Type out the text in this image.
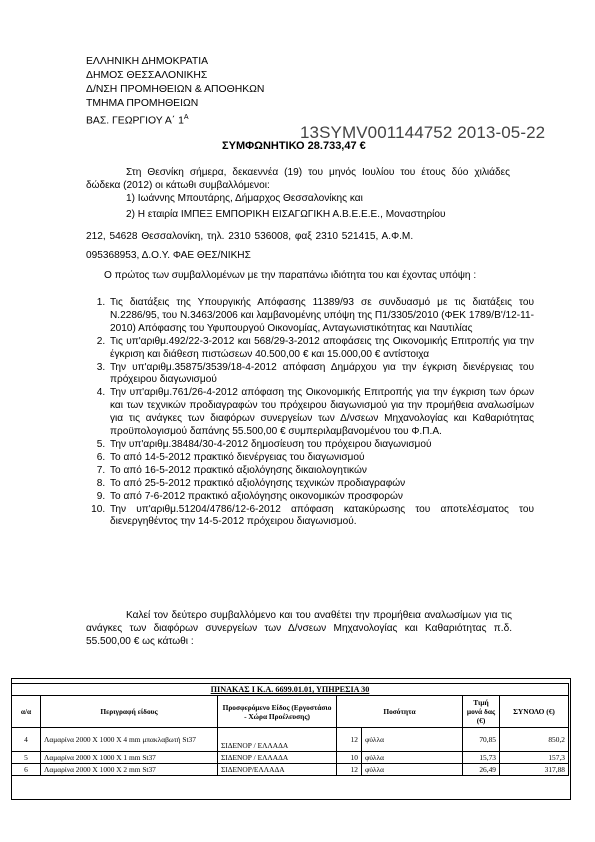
ΕΛΛΗΝΙΚΗ ΔΗΜΟΚΡΑΤΙΑ
ΔΗΜΟΣ ΘΕΣΣΑΛΟΝΙΚΗΣ
Δ/ΝΣΗ ΠΡΟΜΗΘΕΙΩΝ & ΑΠΟΘΗΚΩΝ
ΤΜΗΜΑ ΠΡΟΜΗΘΕΙΩΝ
ΒΑΣ. ΓΕΩΡΓΙΟΥ Α΄ $1^A$
13SYMV001144752 2013-05-22
ΣΥΜΦΩΝΗΤΙΚΟ 28.733,47 €
Στη Θεσνίκη σήμερα, δεκαεννέα (19) του μηνός Ιουλίου του έτους δύο χιλιάδες δώδεκα (2012) οι κάτωθι συμβαλλόμενοι:
1) Ιωάννης Μπουτάρης, Δήμαρχος Θεσσαλονίκης και
2) Η εταιρία ΙΜΠΕΞ ΕΜΠΟΡΙΚΗ ΕΙΣΑΓΩΓΙΚΗ Α.Β.Ε.Ε.Ε., Μοναστηρίου
212, 54628 Θεσσαλονίκη, τηλ. 2310 536008, φαξ 2310 521415, Α.Φ.Μ.
095368953, Δ.Ο.Υ. ΦΑΕ ΘΕΣ/ΝΙΚΗΣ
Ο πρώτος των συμβαλλομένων με την παραπάνω ιδιότητα του και έχοντας υπόψη :
1. Τις διατάξεις της Υπουργικής Απόφασης 11389/93 σε συνδυασμό με τις διατάξεις του Ν.2286/95, του Ν.3463/2006 και λαμβανομένης υπόψη της Π1/3305/2010 (ΦΕΚ 1789/Β'/12-11-2010) Απόφασης του Υφυπουργού Οικονομίας, Ανταγωνιστικότητας και Ναυτιλίας
2. Τις υπ'αριθμ.492/22-3-2012 και 568/29-3-2012 αποφάσεις της Οικονομικής Επιτροπής για την έγκριση και διάθεση πιστώσεων 40.500,00 € και 15.000,00 € αντίστοιχα
3. Την υπ'αριθμ.35875/3539/18-4-2012 απόφαση Δημάρχου για την έγκριση διενέργειας του πρόχειρου διαγωνισμού
4. Την υπ'αριθμ.761/26-4-2012 απόφαση της Οικονομικής Επιτροπής για την έγκριση των όρων και των τεχνικών προδιαγραφών του πρόχειρου διαγωνισμού για την προμήθεια αναλωσίμων για τις ανάγκες των διαφόρων συνεργείων των Δ/νσεων Μηχανολογίας και Καθαριότητας προϋπολογισμού δαπάνης 55.500,00 € συμπεριλαμβανομένου του Φ.Π.Α.
5. Την υπ'αριθμ.38484/30-4-2012 δημοσίευση του πρόχειρου διαγωνισμού
6. Το από 14-5-2012 πρακτικό διενέργειας του διαγωνισμού
7. Το από 16-5-2012 πρακτικό αξιολόγησης δικαιολογητικών
8. Το από 25-5-2012 πρακτικό αξιολόγησης τεχνικών προδιαγραφών
9. Το από 7-6-2012 πρακτικό αξιολόγησης οικονομικών προσφορών
10. Την υπ'αριθμ.51204/4786/12-6-2012 απόφαση κατακύρωσης του αποτελέσματος του διενεργηθέντος την 14-5-2012 πρόχειρου διαγωνισμού.
Καλεί τον δεύτερο συμβαλλόμενο και του αναθέτει την προμήθεια αναλωσίμων για τις ανάγκες των διαφόρων συνεργείων των Δ/νσεων Μηχανολογίας και Καθαριότητας π.δ. 55.500,00 € ως κάτωθι :
ΠΙΝΑΚΑΣ I Κ.Α. 6699.01.01, ΥΠΗΡΕΣΙΑ 30						
α/α	Περιγραφή είδους	Προσφερόμενο Είδος (Εργοστάσιο - Χώρα Προέλευσης)	Ποσότητα		Τιμή μονά δας (€)	ΣΥΝΟΛΟ (€)
4	Λαμαρίνα 2000 Χ 1000 Χ 4 mm μπακλαβωτή St37	ΣΙΔΕΝΟΡ / ΕΛΛΑΔΑ	12	φύλλα	70,85	850,2
5	Λαμαρίνα 2000 Χ 1000 Χ 1 mm St37	ΣΙΔΕΝΟΡ / ΕΛΛΑΔΑ	10	φύλλα	15,73	157,3
6	Λαμαρίνα 2000 Χ 1000 Χ 2 mm St37	ΣΙΔΕΝΟΡ/ΕΛΛΑΔΑ	12	φύλλα	26,49	317,88
